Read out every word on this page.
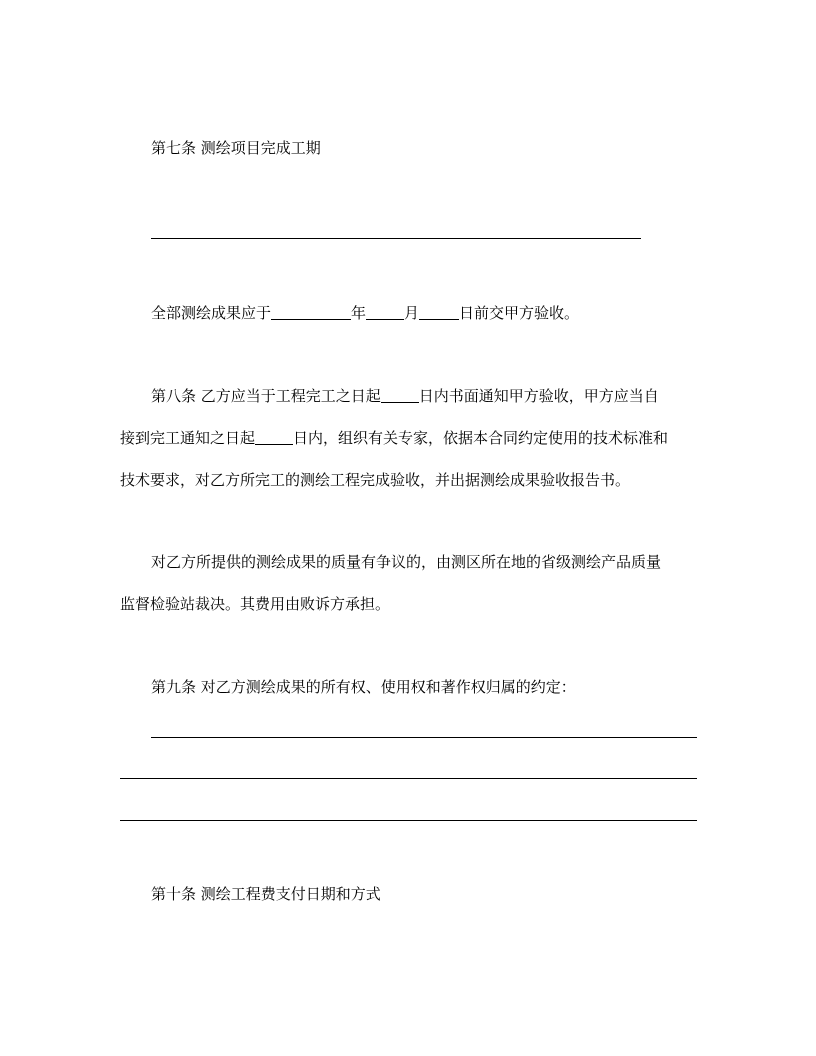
第七条 测绘项目完成工期
全部测绘成果应于	年	月	日前交甲方验收。
第八条 乙方应当于工程完工之日起	日内书面通知甲方验收，甲方应当自
接到完工通知之日起	日内，组织有关专家，依据本合同约定使用的技术标准和
技术要求，对乙方所完工的测绘工程完成验收，并出据测绘成果验收报告书。
对乙方所提供的测绘成果的质量有争议的，由测区所在地的省级测绘产品质量
监督检验站裁决。其费用由败诉方承担。
第九条 对乙方测绘成果的所有权、使用权和著作权归属的约定：
第十条 测绘工程费支付日期和方式
